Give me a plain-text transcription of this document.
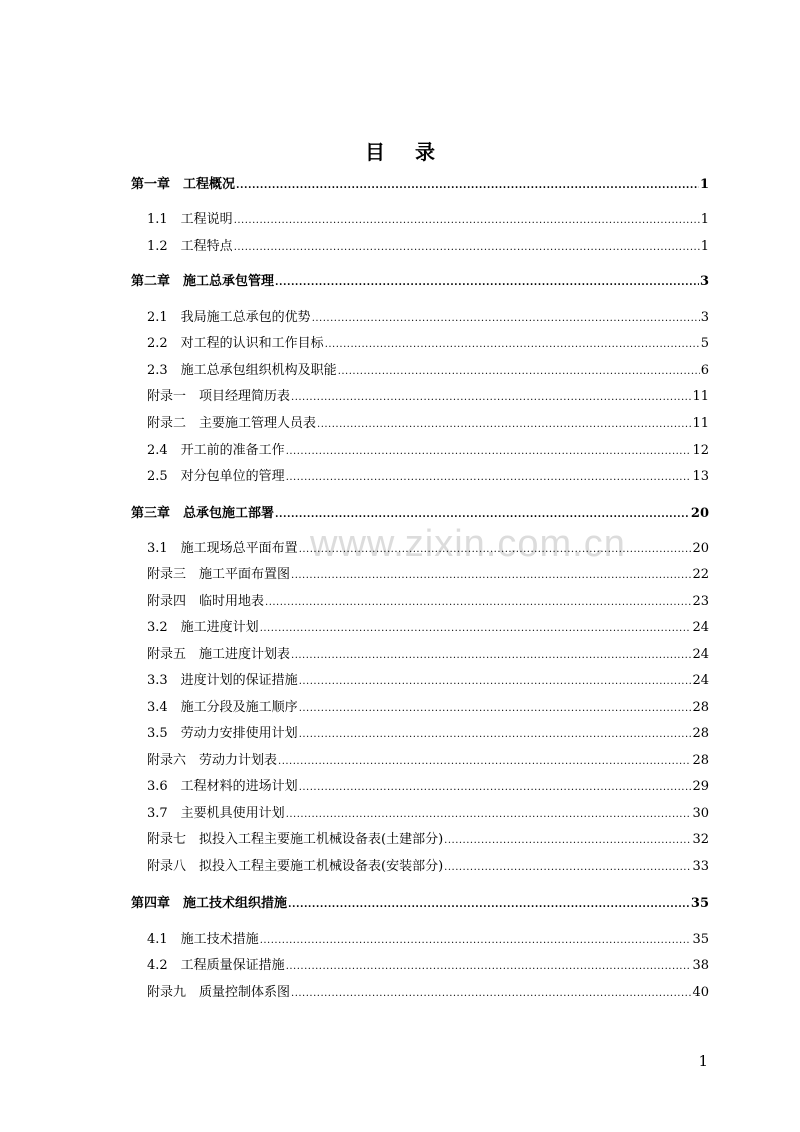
www.zixin.com.cn
目 录
第一章　工程概况 .....	1
1.1　工程说明 .....	1
1.2　工程特点 .....	1
第二章　施工总承包管理 .....	3
2.1　我局施工总承包的优势 .....	3
2.2　对工程的认识和工作目标 .....	5
2.3　施工总承包组织机构及职能 .....	6
附录一　项目经理简历表 .....	11
附录二　主要施工管理人员表 .....	11
2.4　开工前的准备工作 .....	12
2.5　对分包单位的管理 .....	13
第三章　总承包施工部署 .....	20
3.1　施工现场总平面布置 .....	20
附录三　施工平面布置图 .....	22
附录四　临时用地表 .....	23
3.2　施工进度计划 .....	24
附录五　施工进度计划表 .....	24
3.3　进度计划的保证措施 .....	24
3.4　施工分段及施工顺序 .....	28
3.5　劳动力安排使用计划 .....	28
附录六　劳动力计划表 .....	28
3.6　工程材料的进场计划 .....	29
3.7　主要机具使用计划 .....	30
附录七　拟投入工程主要施工机械设备表(土建部分) .....	32
附录八　拟投入工程主要施工机械设备表(安装部分) .....	33
第四章　施工技术组织措施 .....	35
4.1　施工技术措施 .....	35
4.2　工程质量保证措施 .....	38
附录九　质量控制体系图 .....	40
1
